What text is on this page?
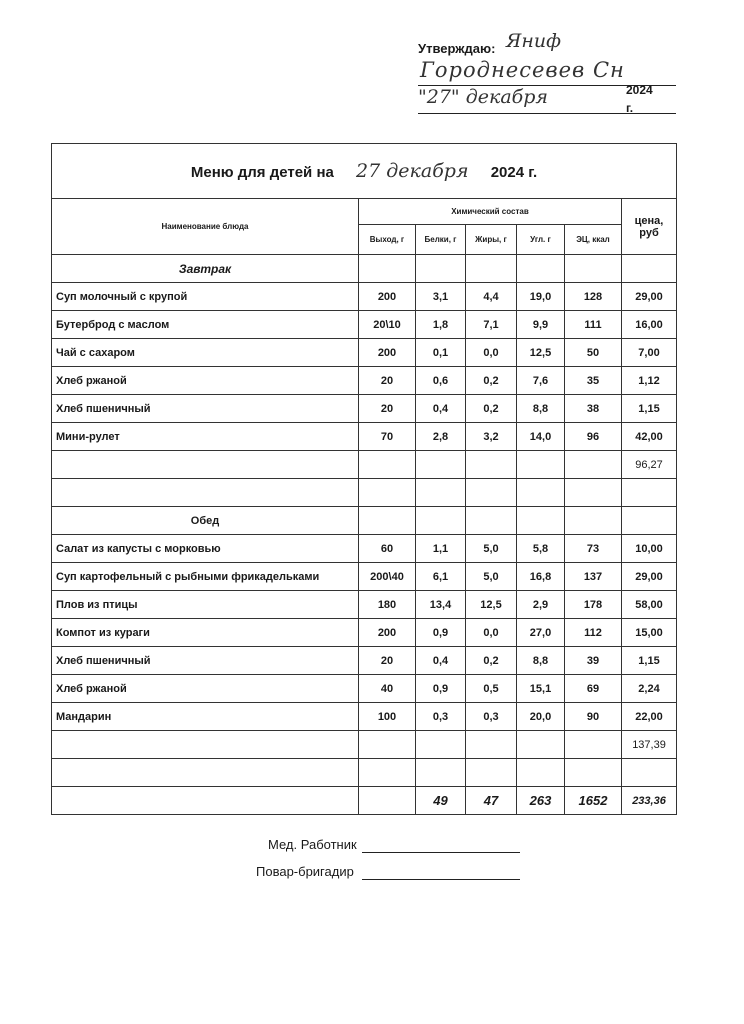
Утверждаю: Яниф
Городнесевев Сн
"27" декабря	2024
г.
Меню для детей на 27 декабря 2024 г.						
Наименование блюда	Химический состав					цена, руб
	Выход, г	Белки, г	Жиры, г	Угл. г	ЭЦ, ккал	
Завтрак						
Суп молочный с крупой	200	3,1	4,4	19,0	128	29,00
Бутерброд с маслом	20\10	1,8	7,1	9,9	111	16,00
Чай с сахаром	200	0,1	0,0	12,5	50	7,00
Хлеб ржаной	20	0,6	0,2	7,6	35	1,12
Хлеб пшеничный	20	0,4	0,2	8,8	38	1,15
Мини-рулет	70	2,8	3,2	14,0	96	42,00
						96,27

Обед						
Салат из капусты с морковью	60	1,1	5,0	5,8	73	10,00
Суп картофельный с рыбными фрикадельками	200\40	6,1	5,0	16,8	137	29,00
Плов из птицы	180	13,4	12,5	2,9	178	58,00
Компот из кураги	200	0,9	0,0	27,0	112	15,00
Хлеб пшеничный	20	0,4	0,2	8,8	39	1,15
Хлеб ржаной	40	0,9	0,5	15,1	69	2,24
Мандарин	100	0,3	0,3	20,0	90	22,00
						137,39

		49	47	263	1652	233,36
Мед. Работник
Повар-бригадир
